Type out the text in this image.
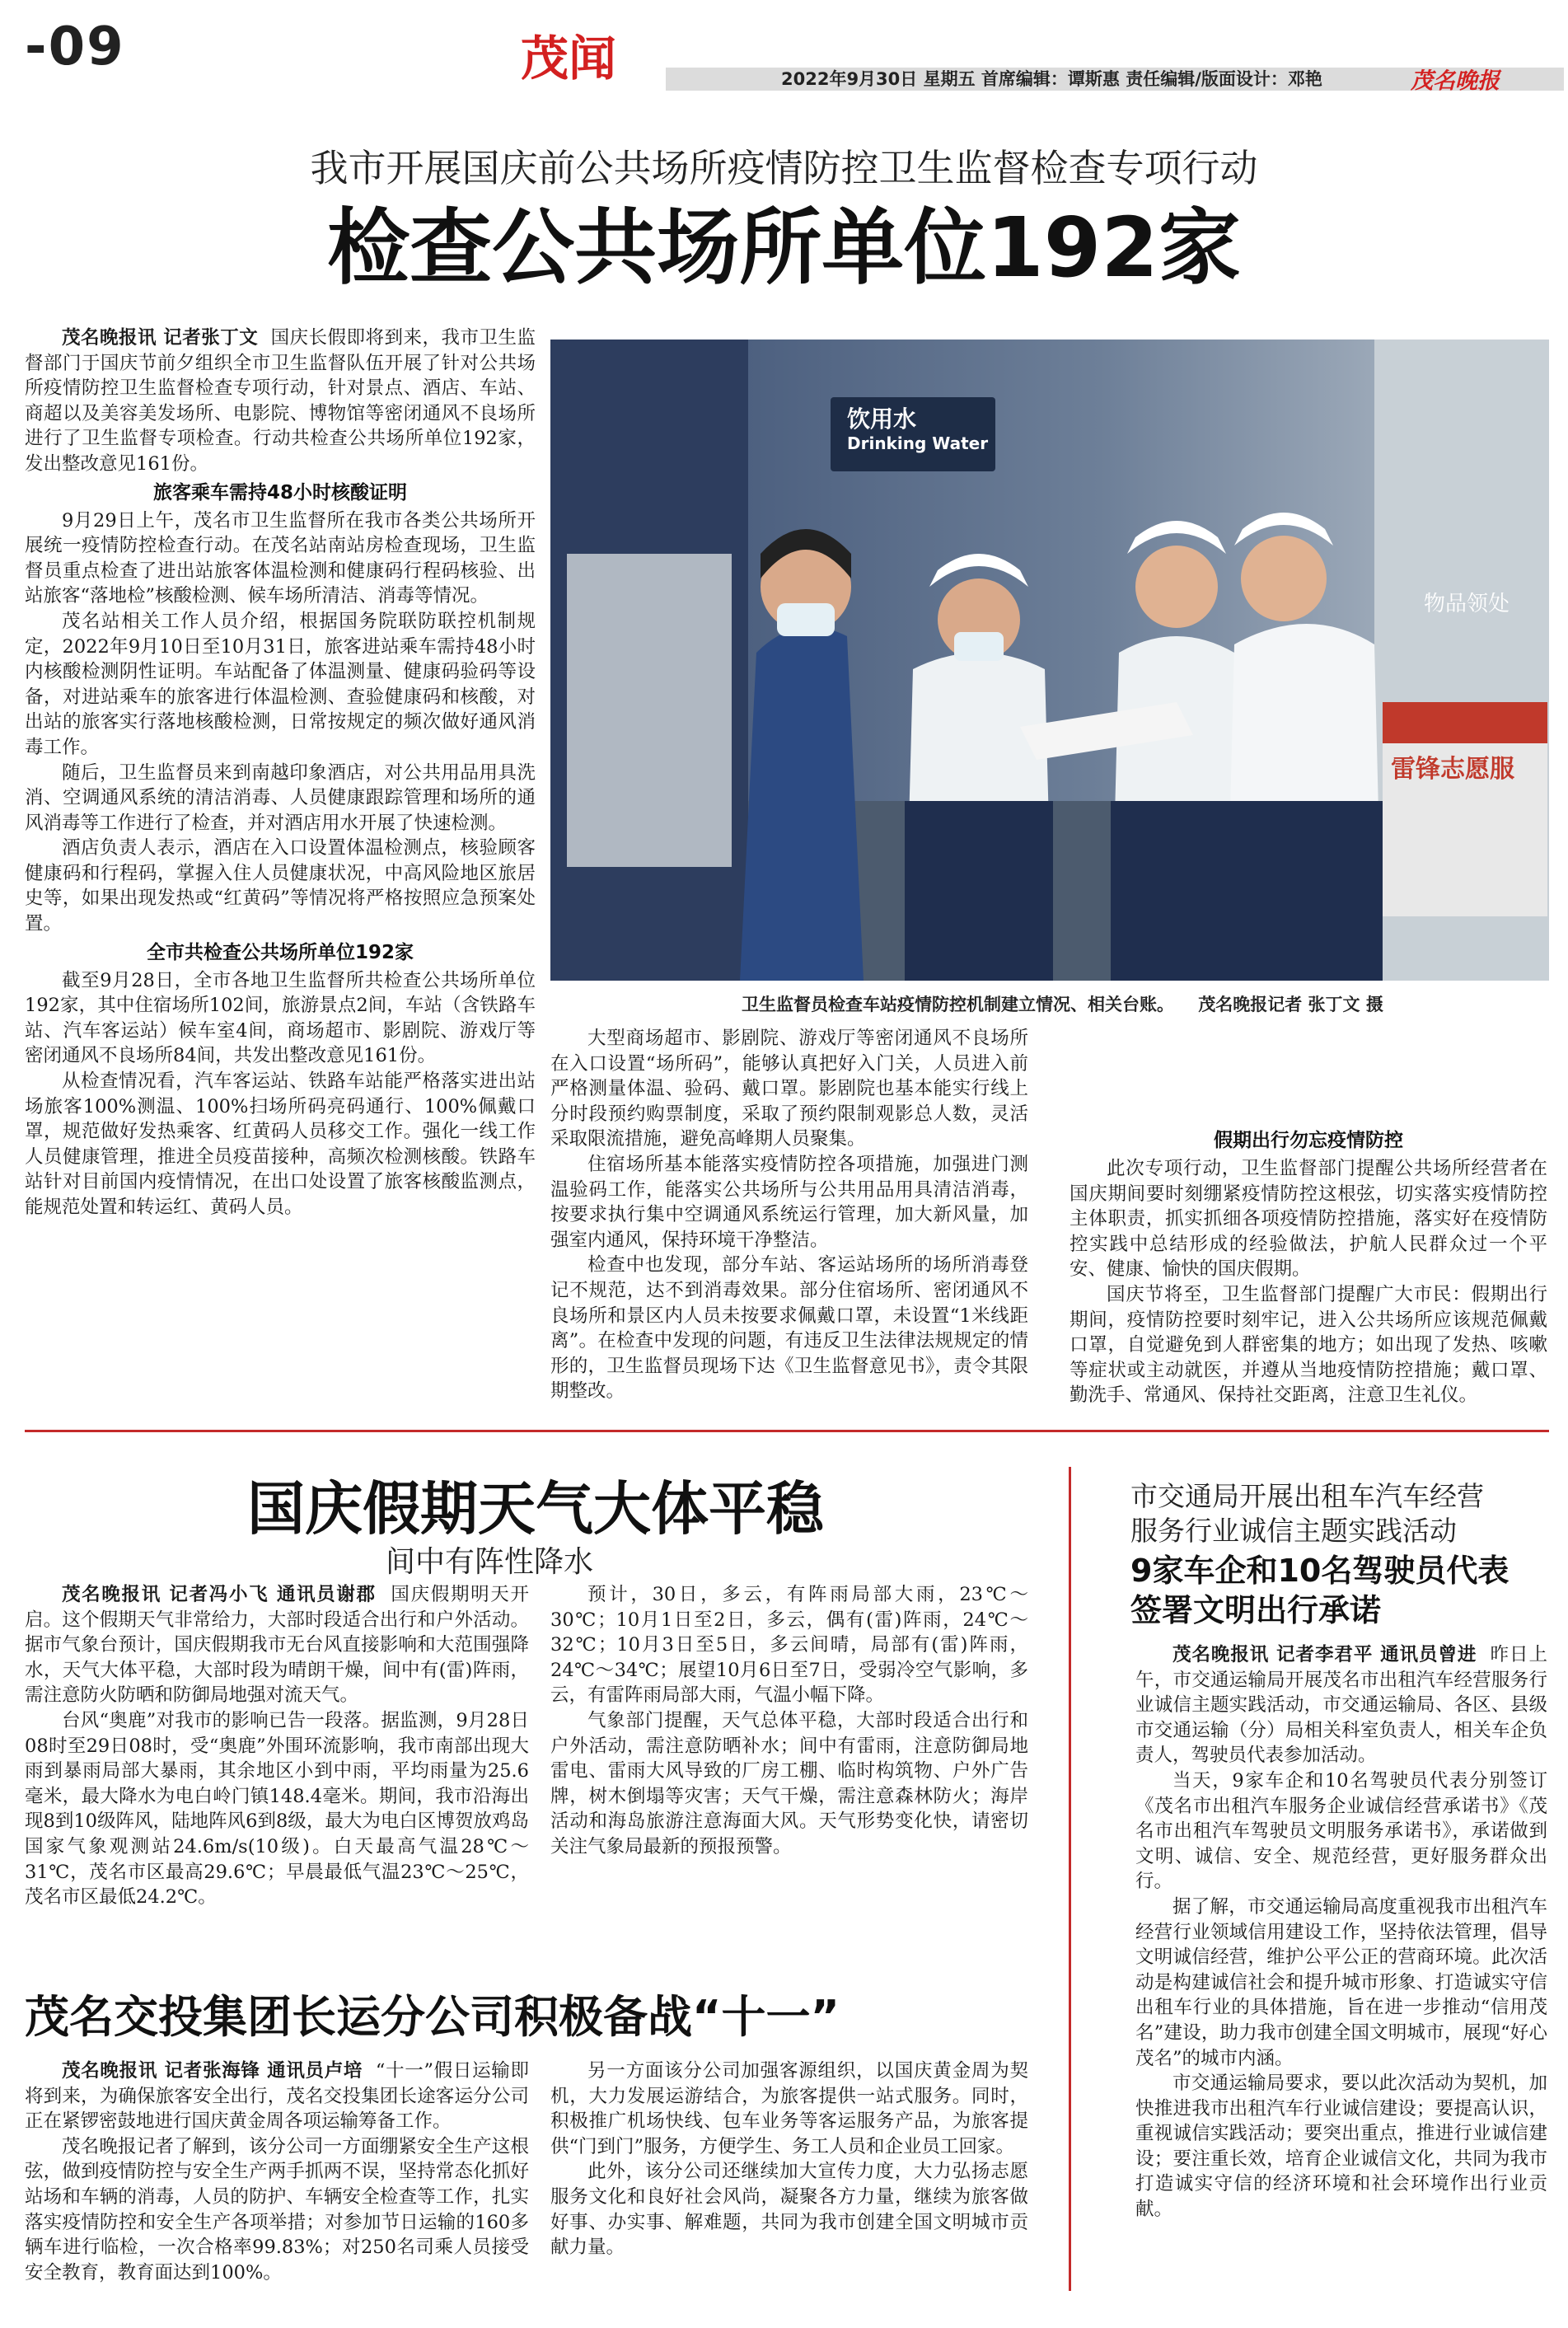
-09	茂闻	2022年9月30日 星期五 首席编辑：谭斯惠 责任编辑/版面设计：邓艳	茂名晚报
我市开展国庆前公共场所疫情防控卫生监督检查专项行动
检查公共场所单位192家

茂名晚报讯 记者张丁文 国庆长假即将到来，我市卫生监督部门于国庆节前夕组织全市卫生监督队伍开展了针对公共场所疫情防控卫生监督检查专项行动，针对景点、酒店、车站、商超以及美容美发场所、电影院、博物馆等密闭通风不良场所进行了卫生监督专项检查。行动共检查公共场所单位192家，发出整改意见161份。

旅客乘车需持48小时核酸证明

9月29日上午，茂名市卫生监督所在我市各类公共场所开展统一疫情防控检查行动。在茂名站南站房检查现场，卫生监督员重点检查了进出站旅客体温检测和健康码行程码核验、出站旅客“落地检”核酸检测、候车场所清洁、消毒等情况。

茂名站相关工作人员介绍，根据国务院联防联控机制规定，2022年9月10日至10月31日，旅客进站乘车需持48小时内核酸检测阴性证明。车站配备了体温测量、健康码验码等设备，对进站乘车的旅客进行体温检测、查验健康码和核酸，对出站的旅客实行落地核酸检测，日常按规定的频次做好通风消毒工作。

随后，卫生监督员来到南越印象酒店，对公共用品用具洗消、空调通风系统的清洁消毒、人员健康跟踪管理和场所的通风消毒等工作进行了检查，并对酒店用水开展了快速检测。

酒店负责人表示，酒店在入口设置体温检测点，核验顾客健康码和行程码，掌握入住人员健康状况，中高风险地区旅居史等，如果出现发热或“红黄码”等情况将严格按照应急预案处置。

全市共检查公共场所单位192家

截至9月28日，全市各地卫生监督所共检查公共场所单位192家，其中住宿场所102间，旅游景点2间，车站（含铁路车站、汽车客运站）候车室4间，商场超市、影剧院、游戏厅等密闭通风不良场所84间，共发出整改意见161份。

从检查情况看，汽车客运站、铁路车站能严格落实进出站场旅客100%测温、100%扫场所码亮码通行、100%佩戴口罩，规范做好发热乘客、红黄码人员移交工作。强化一线工作人员健康管理，推进全员疫苗接种，高频次检测核酸。铁路车站针对目前国内疫情情况，在出口处设置了旅客核酸监测点，能规范处置和转运红、黄码人员。

饮用水
Drinking Water
物品领处
雷锋志愿服
卫生监督员检查车站疫情防控机制建立情况、相关台账。 茂名晚报记者 张丁文 摄

大型商场超市、影剧院、游戏厅等密闭通风不良场所在入口设置“场所码”，能够认真把好入门关，人员进入前严格测量体温、验码、戴口罩。影剧院也基本能实行线上分时段预约购票制度，采取了预约限制观影总人数，灵活采取限流措施，避免高峰期人员聚集。

住宿场所基本能落实疫情防控各项措施，加强进门测温验码工作，能落实公共场所与公共用品用具清洁消毒，按要求执行集中空调通风系统运行管理，加大新风量，加强室内通风，保持环境干净整洁。

检查中也发现，部分车站、客运站场所的场所消毒登记不规范，达不到消毒效果。部分住宿场所、密闭通风不良场所和景区内人员未按要求佩戴口罩，未设置“1米线距离”。在检查中发现的问题，有违反卫生法律法规规定的情形的，卫生监督员现场下达《卫生监督意见书》，责令其限期整改。

假期出行勿忘疫情防控

此次专项行动，卫生监督部门提醒公共场所经营者在国庆期间要时刻绷紧疫情防控这根弦，切实落实疫情防控主体职责，抓实抓细各项疫情防控措施，落实好在疫情防控实践中总结形成的经验做法，护航人民群众过一个平安、健康、愉快的国庆假期。

国庆节将至，卫生监督部门提醒广大市民：假期出行期间，疫情防控要时刻牢记，进入公共场所应该规范佩戴口罩，自觉避免到人群密集的地方；如出现了发热、咳嗽等症状或主动就医，并遵从当地疫情防控措施；戴口罩、勤洗手、常通风、保持社交距离，注意卫生礼仪。

国庆假期天气大体平稳
间中有阵性降水

茂名晚报讯 记者冯小飞 通讯员谢郡 国庆假期明天开启。这个假期天气非常给力，大部时段适合出行和户外活动。据市气象台预计，国庆假期我市无台风直接影响和大范围强降水，天气大体平稳，大部时段为晴朗干燥，间中有(雷)阵雨，需注意防火防晒和防御局地强对流天气。

台风“奥鹿”对我市的影响已告一段落。据监测，9月28日08时至29日08时，受“奥鹿”外围环流影响，我市南部出现大雨到暴雨局部大暴雨，其余地区小到中雨，平均雨量为25.6毫米，最大降水为电白岭门镇148.4毫米。期间，我市沿海出现8到10级阵风，陆地阵风6到8级，最大为电白区博贺放鸡岛国家气象观测站24.6m/s(10级)。白天最高气温28℃～31℃，茂名市区最高29.6℃；早晨最低气温23℃～25℃，茂名市区最低24.2℃。

预计，30日，多云，有阵雨局部大雨，23℃～30℃；10月1日至2日，多云，偶有(雷)阵雨，24℃～32℃；10月3日至5日，多云间晴，局部有(雷)阵雨，24℃～34℃；展望10月6日至7日，受弱冷空气影响，多云，有雷阵雨局部大雨，气温小幅下降。

气象部门提醒，天气总体平稳，大部时段适合出行和户外活动，需注意防晒补水；间中有雷雨，注意防御局地雷电、雷雨大风导致的厂房工棚、临时构筑物、户外广告牌，树木倒塌等灾害；天气干燥，需注意森林防火；海岸活动和海岛旅游注意海面大风。天气形势变化快，请密切关注气象局最新的预报预警。

茂名交投集团长运分公司积极备战“十一”

茂名晚报讯 记者张海锋 通讯员卢培 “十一”假日运输即将到来，为确保旅客安全出行，茂名交投集团长途客运分公司正在紧锣密鼓地进行国庆黄金周各项运输筹备工作。

茂名晚报记者了解到，该分公司一方面绷紧安全生产这根弦，做到疫情防控与安全生产两手抓两不误，坚持常态化抓好站场和车辆的消毒，人员的防护、车辆安全检查等工作，扎实落实疫情防控和安全生产各项举措；对参加节日运输的160多辆车进行临检，一次合格率99.83%；对250名司乘人员接受安全教育，教育面达到100%。

另一方面该分公司加强客源组织，以国庆黄金周为契机，大力发展运游结合，为旅客提供一站式服务。同时，积极推广机场快线、包车业务等客运服务产品，为旅客提供“门到门”服务，方便学生、务工人员和企业员工回家。

此外，该分公司还继续加大宣传力度，大力弘扬志愿服务文化和良好社会风尚，凝聚各方力量，继续为旅客做好事、办实事、解难题，共同为我市创建全国文明城市贡献力量。

市交通局开展出租车汽车经营
服务行业诚信主题实践活动
9家车企和10名驾驶员代表
签署文明出行承诺

茂名晚报讯 记者李君平 通讯员曾进 昨日上午，市交通运输局开展茂名市出租汽车经营服务行业诚信主题实践活动，市交通运输局、各区、县级市交通运输（分）局相关科室负责人，相关车企负责人，驾驶员代表参加活动。

当天，9家车企和10名驾驶员代表分别签订《茂名市出租汽车服务企业诚信经营承诺书》《茂名市出租汽车驾驶员文明服务承诺书》，承诺做到文明、诚信、安全、规范经营，更好服务群众出行。

据了解，市交通运输局高度重视我市出租汽车经营行业领域信用建设工作，坚持依法管理，倡导文明诚信经营，维护公平公正的营商环境。此次活动是构建诚信社会和提升城市形象、打造诚实守信出租车行业的具体措施，旨在进一步推动“信用茂名”建设，助力我市创建全国文明城市，展现“好心茂名”的城市内涵。

市交通运输局要求，要以此次活动为契机，加快推进我市出租汽车行业诚信建设；要提高认识，重视诚信实践活动；要突出重点，推进行业诚信建设；要注重长效，培育企业诚信文化，共同为我市打造诚实守信的经济环境和社会环境作出行业贡献。
